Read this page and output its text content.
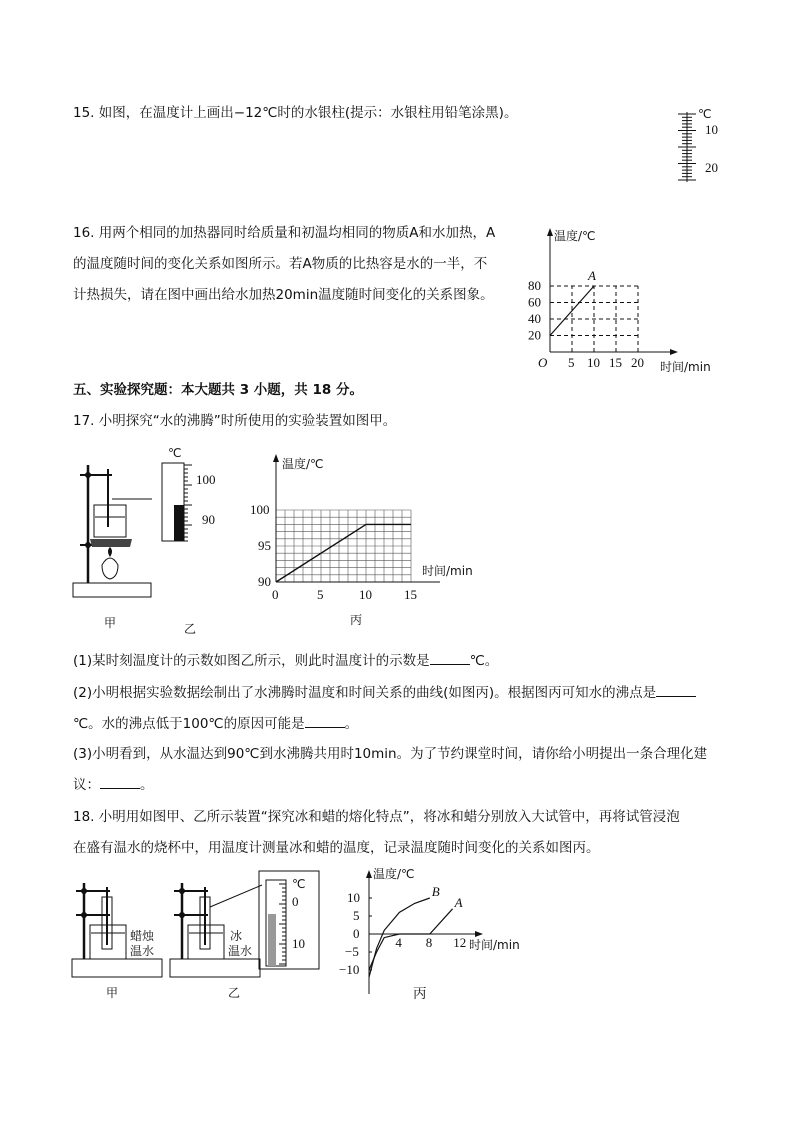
15. 如图，在温度计上画出−12℃时的水银柱(提示：水银柱用铅笔涂黑)。	℃
10
20
16. 用两个相同的加热器同时给质量和初温均相同的物质A和水加热，A
的温度随时间的变化关系如图所示。若A物质的比热容是水的一半，不
计热损失，请在图中画出给水加热20min温度随时间变化的关系图象。
20
40
60
80
5 10 15 20
O
A
温度/℃
时间/min
五、实验探究题：本大题共 3 小题，共 18 分。
17. 小明探究“水的沸腾”时所使用的实验装置如图甲。
甲
℃
100
90
乙
90
95
100
0	5	10 15
温度/℃
时间/min
丙
(1)某时刻温度计的示数如图乙所示，则此时温度计的示数是	℃。
(2)小明根据实验数据绘制出了水沸腾时温度和时间关系的曲线(如图丙)。根据图丙可知水的沸点是
℃。水的沸点低于100℃的原因可能是	。
(3)小明看到，从水温达到90℃到水沸腾共用时10min。为了节约课堂时间，请你给小明提出一条合理化建
议：	。
18. 小明用如图甲、乙所示装置“探究冰和蜡的熔化特点”，将冰和蜡分别放入大试管中，再将试管浸泡
在盛有温水的烧杯中，用温度计测量冰和蜡的温度，记录温度随时间变化的关系如图丙。
蜡烛
温水
甲
冰
温水
乙
℃
0
10
−10
−5
0
5
10
4 8 12
B
A
温度/℃
时间/min
丙
